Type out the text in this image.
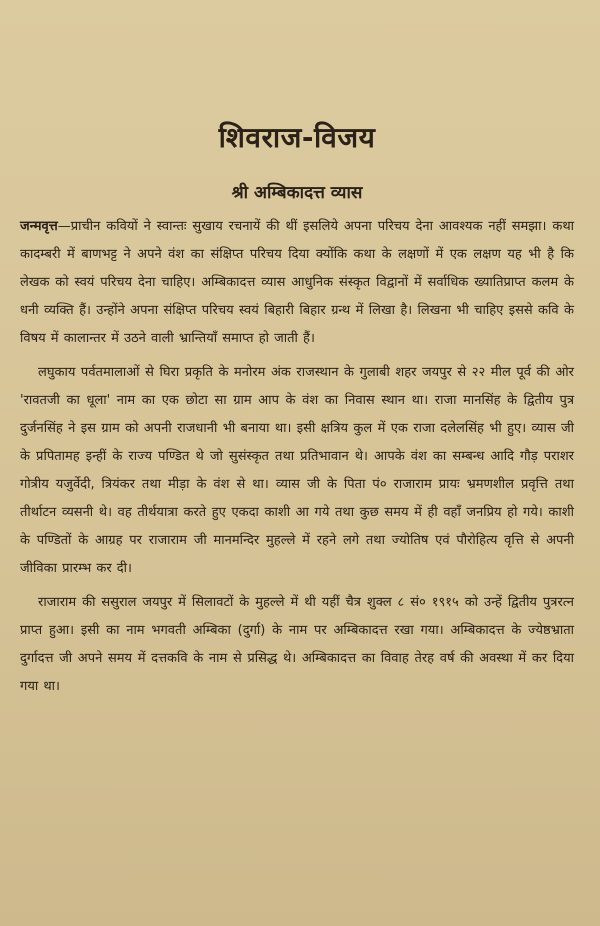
शिवराज-विजय
श्री अम्बिकादत्त व्यास

जन्मवृत्त—प्राचीन कवियों ने स्वान्तः सुखाय रचनायें की थीं इसलिये अपना परिचय देना आवश्यक नहीं समझा। कथा कादम्बरी में बाणभट्ट ने अपने वंश का संक्षिप्त परिचय दिया क्योंकि कथा के लक्षणों में एक लक्षण यह भी है कि लेखक को स्वयं परिचय देना चाहिए। अम्बिकादत्त व्यास आधुनिक संस्कृत विद्वानों में सर्वाधिक ख्यातिप्राप्त कलम के धनी व्यक्ति हैं। उन्होंने अपना संक्षिप्त परिचय स्वयं बिहारी बिहार ग्रन्थ में लिखा है। लिखना भी चाहिए इससे कवि के विषय में कालान्तर में उठने वाली भ्रान्तियाँ समाप्त हो जाती हैं।

लघुकाय पर्वतमालाओं से घिरा प्रकृति के मनोरम अंक राजस्थान के गुलाबी शहर जयपुर से २२ मील पूर्व की ओर 'रावतजी का धूला' नाम का एक छोटा सा ग्राम आप के वंश का निवास स्थान था। राजा मानसिंह के द्वितीय पुत्र दुर्जनसिंह ने इस ग्राम को अपनी राजधानी भी बनाया था। इसी क्षत्रिय कुल में एक राजा दलेलसिंह भी हुए। व्यास जी के प्रपितामह इन्हीं के राज्य पण्डित थे जो सुसंस्कृत तथा प्रतिभावान थे। आपके वंश का सम्बन्ध आदि गौड़ पराशर गोत्रीय यजुर्वेदी, त्रियंकर तथा मीड़ा के वंश से था। व्यास जी के पिता पं० राजाराम प्रायः भ्रमणशील प्रवृत्ति तथा तीर्थाटन व्यसनी थे। वह तीर्थयात्रा करते हुए एकदा काशी आ गये तथा कुछ समय में ही वहाँ जनप्रिय हो गये। काशी के पण्डितों के आग्रह पर राजाराम जी मानमन्दिर मुहल्ले में रहने लगे तथा ज्योतिष एवं पौरोहित्य वृत्ति से अपनी जीविका प्रारम्भ कर दी।

राजाराम की ससुराल जयपुर में सिलावटों के मुहल्ले में थी यहीं चैत्र शुक्ल ८ सं० १९१५ को उन्हें द्वितीय पुत्ररत्न प्राप्त हुआ। इसी का नाम भगवती अम्बिका (दुर्गा) के नाम पर अम्बिकादत्त रखा गया। अम्बिकादत्त के ज्येष्ठभ्राता दुर्गादत्त जी अपने समय में दत्तकवि के नाम से प्रसिद्ध थे। अम्बिकादत्त का विवाह तेरह वर्ष की अवस्था में कर दिया गया था।
